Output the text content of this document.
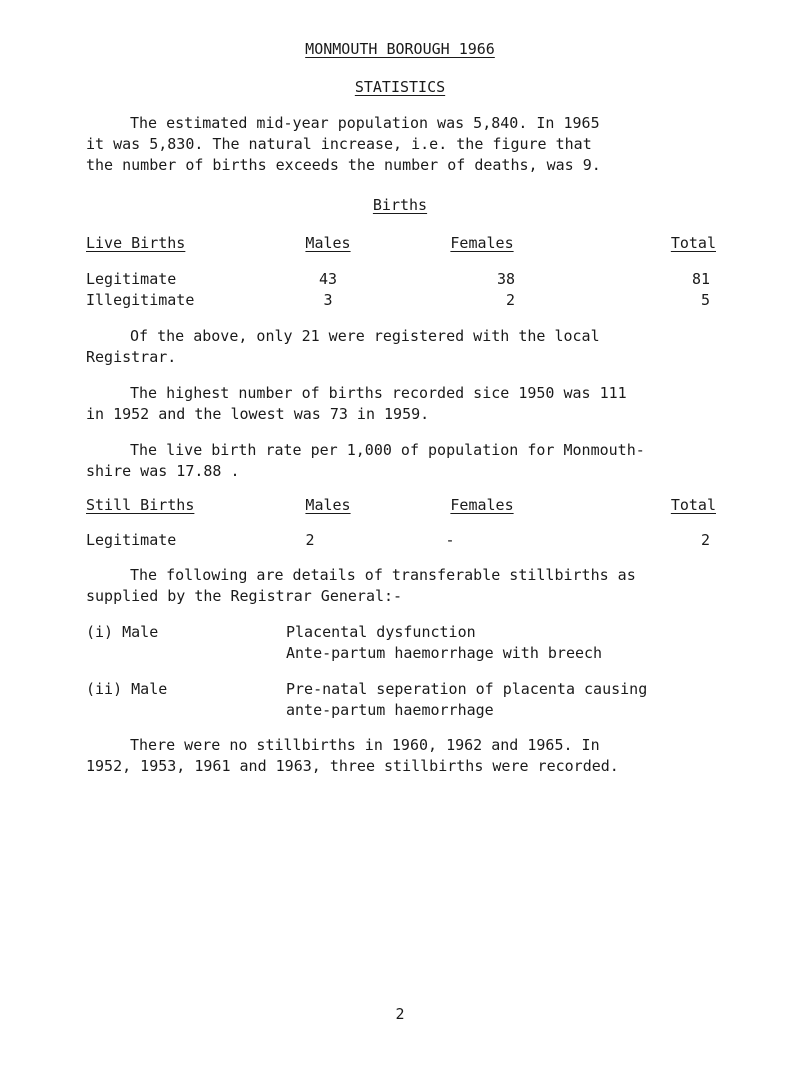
MONMOUTH BOROUGH 1966
STATISTICS
The estimated mid-year population was 5,840. In 1965
it was 5,830. The natural increase, i.e. the figure that
the number of births exceeds the number of deaths, was 9.
Births
Live Births	Males	Females	Total
Legitimate	43	38	81
Illegitimate	3	2	5
Of the above, only 21 were registered with the local
Registrar.
The highest number of births recorded sice 1950 was 111
in 1952 and the lowest was 73 in 1959.
The live birth rate per 1,000 of population for Monmouth-
shire was 17.88 .
Still Births	Males	Females	Total
Legitimate	2	-	2
The following are details of transferable stillbirths as
supplied by the Registrar General:-
(i) Male	Placental dysfunction
Ante-partum haemorrhage with breech
(ii) Male	Pre-natal seperation of placenta causing
ante-partum haemorrhage
There were no stillbirths in 1960, 1962 and 1965. In
1952, 1953, 1961 and 1963, three stillbirths were recorded.
2
